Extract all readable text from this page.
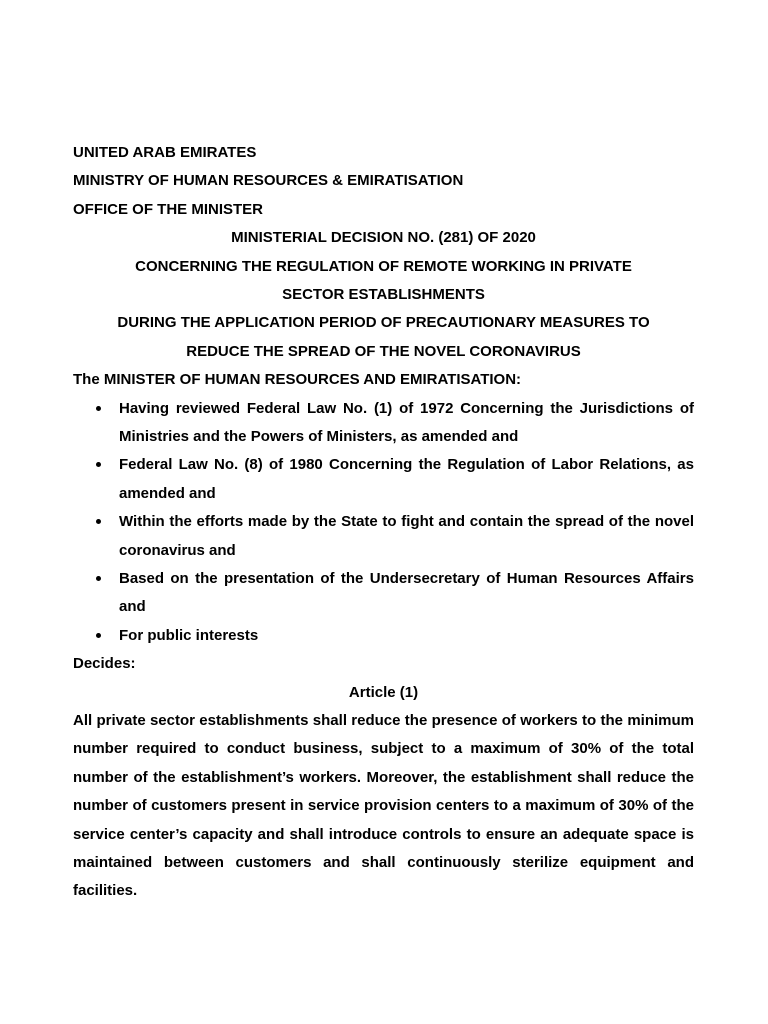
UNITED ARAB EMIRATES
MINISTRY OF HUMAN RESOURCES & EMIRATISATION
OFFICE OF THE MINISTER
MINISTERIAL DECISION NO. (281) OF 2020
CONCERNING THE REGULATION OF REMOTE WORKING IN PRIVATE
SECTOR ESTABLISHMENTS
DURING THE APPLICATION PERIOD OF PRECAUTIONARY MEASURES TO
REDUCE THE SPREAD OF THE NOVEL CORONAVIRUS
The MINISTER OF HUMAN RESOURCES AND EMIRATISATION:
Having reviewed Federal Law No. (1) of 1972 Concerning the Jurisdictions of Ministries and the Powers of Ministers, as amended and
Federal Law No. (8) of 1980 Concerning the Regulation of Labor Relations, as amended and
Within the efforts made by the State to fight and contain the spread of the novel coronavirus and
Based on the presentation of the Undersecretary of Human Resources Affairs and
For public interests
Decides:
Article (1)

All private sector establishments shall reduce the presence of workers to the minimum number required to conduct business, subject to a maximum of 30% of the total number of the establishment’s workers. Moreover, the establishment shall reduce the number of customers present in service provision centers to a maximum of 30% of the service center’s capacity and shall introduce controls to ensure an adequate space is maintained between customers and shall continuously sterilize equipment and facilities.
